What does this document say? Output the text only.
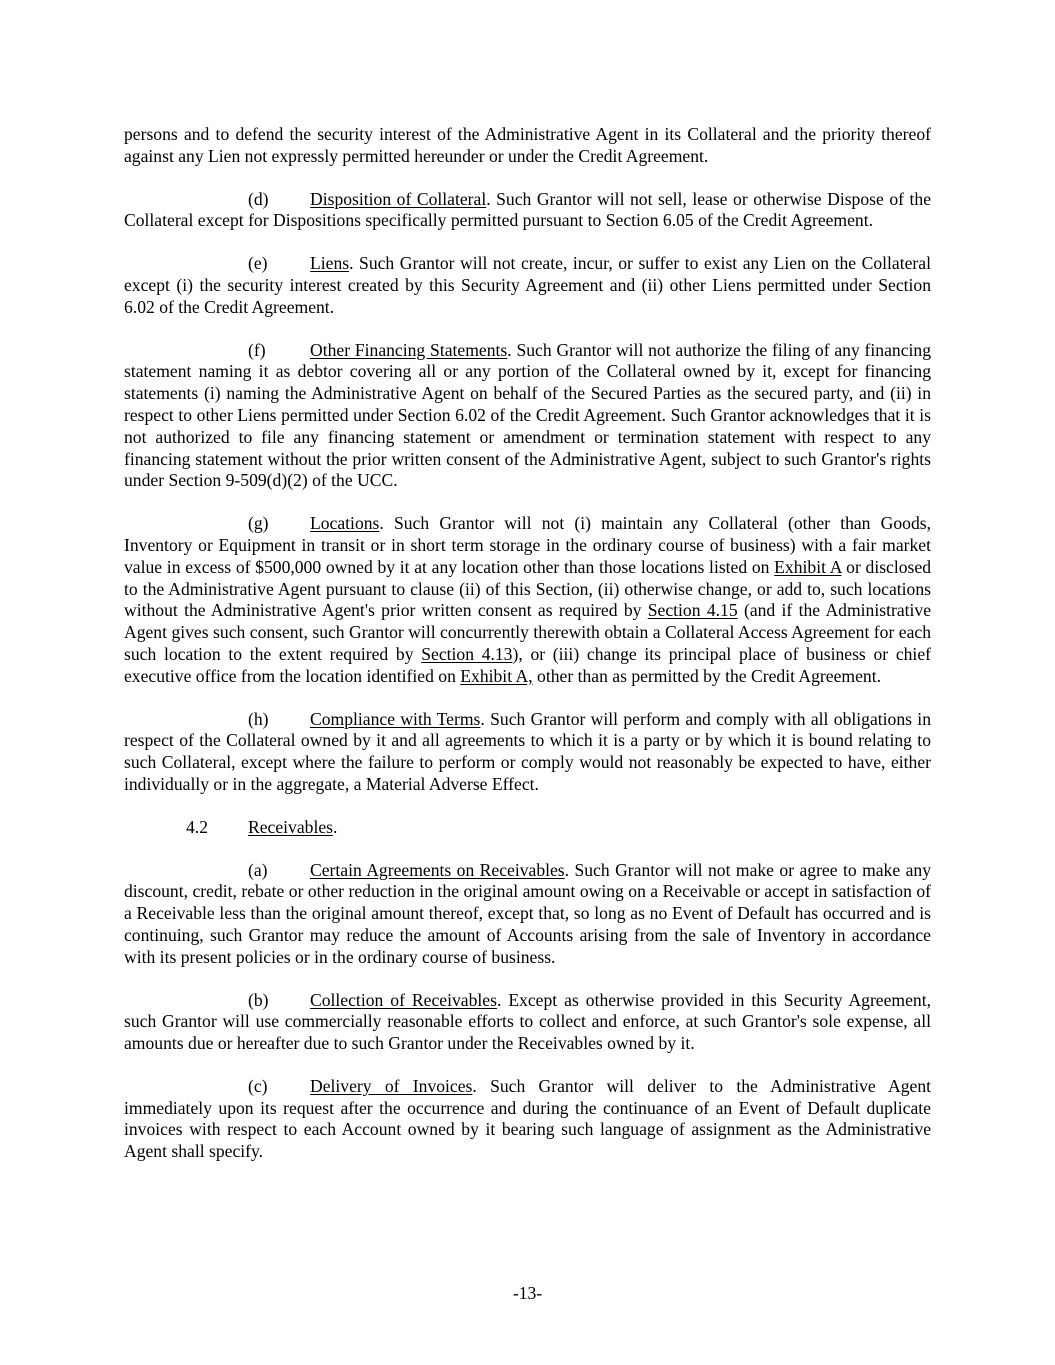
persons and to defend the security interest of the Administrative Agent in its Collateral and the priority thereof against any Lien not expressly permitted hereunder or under the Credit Agreement.

(d) Disposition of Collateral. Such Grantor will not sell, lease or otherwise Dispose of the Collateral except for Dispositions specifically permitted pursuant to Section 6.05 of the Credit Agreement.

(e) Liens. Such Grantor will not create, incur, or suffer to exist any Lien on the Collateral except (i) the security interest created by this Security Agreement and (ii) other Liens permitted under Section 6.02 of the Credit Agreement.

(f)	Other Financing Statements. Such Grantor will not authorize the filing of any financing statement naming it as debtor covering all or any portion of the Collateral owned by it, except for financing statements (i) naming the Administrative Agent on behalf of the Secured Parties as the secured party, and (ii) in respect to other Liens permitted under Section 6.02 of the Credit Agreement. Such Grantor acknowledges that it is not authorized to file any financing statement or amendment or termination statement with respect to any financing statement without the prior written consent of the Administrative Agent, subject to such Grantor's rights under Section 9-509(d)(2) of the UCC.

(g) Locations. Such Grantor will not (i) maintain any Collateral (other than Goods, Inventory or Equipment in transit or in short term storage in the ordinary course of business) with a fair market value in excess of $500,000 owned by it at any location other than those locations listed on Exhibit A or disclosed to the Administrative Agent pursuant to clause (ii) of this Section, (ii) otherwise change, or add to, such locations without the Administrative Agent's prior written consent as required by Section 4.15 (and if the Administrative Agent gives such consent, such Grantor will concurrently therewith obtain a Collateral Access Agreement for each such location to the extent required by Section 4.13), or (iii) change its principal place of business or chief executive office from the location identified on Exhibit A, other than as permitted by the Credit Agreement.

(h) Compliance with Terms. Such Grantor will perform and comply with all obligations in respect of the Collateral owned by it and all agreements to which it is a party or by which it is bound relating to such Collateral, except where the failure to perform or comply would not reasonably be expected to have, either individually or in the aggregate, a Material Adverse Effect.

4.2 Receivables.

(a) Certain Agreements on Receivables. Such Grantor will not make or agree to make any discount, credit, rebate or other reduction in the original amount owing on a Receivable or accept in satisfaction of a Receivable less than the original amount thereof, except that, so long as no Event of Default has occurred and is continuing, such Grantor may reduce the amount of Accounts arising from the sale of Inventory in accordance with its present policies or in the ordinary course of business.

(b) Collection of Receivables. Except as otherwise provided in this Security Agreement, such Grantor will use commercially reasonable efforts to collect and enforce, at such Grantor's sole expense, all amounts due or hereafter due to such Grantor under the Receivables owned by it.

(c) Delivery of Invoices. Such Grantor will deliver to the Administrative Agent immediately upon its request after the occurrence and during the continuance of an Event of Default duplicate invoices with respect to each Account owned by it bearing such language of assignment as the Administrative Agent shall specify.

-13-
